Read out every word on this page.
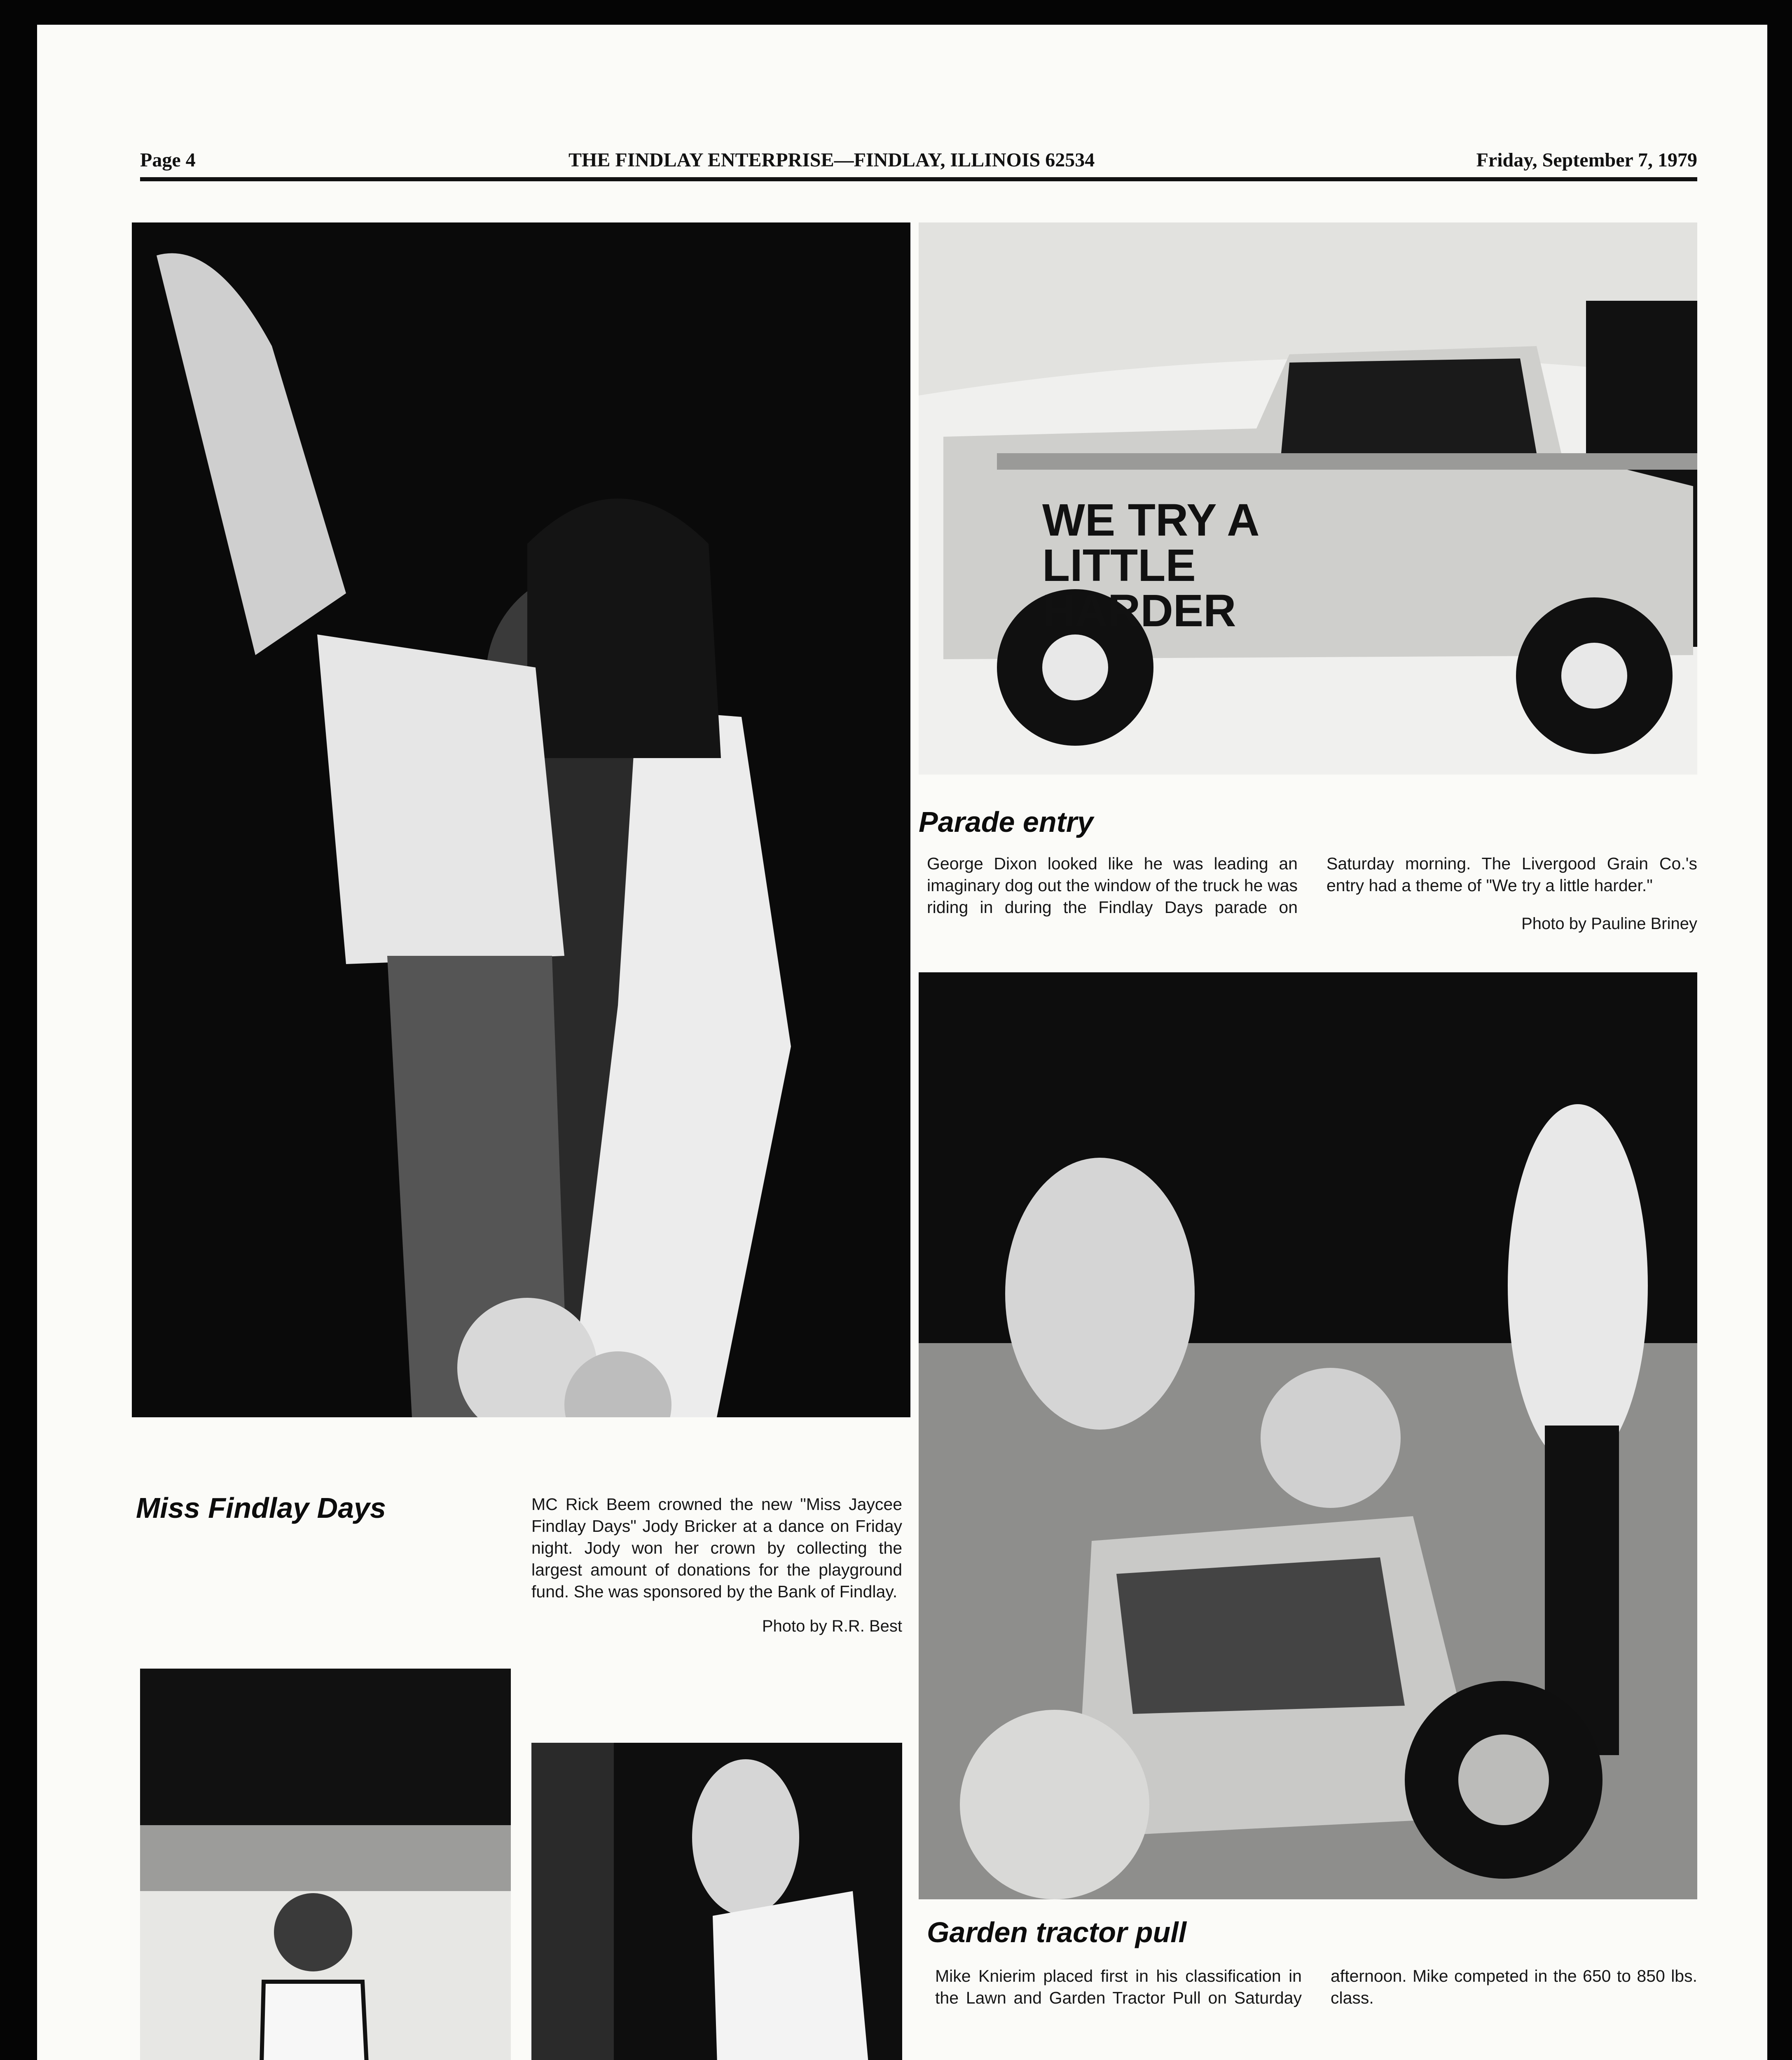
Page 4	THE FINDLAY ENTERPRISE—FINDLAY, ILLINOIS 62534	Friday, September 7, 1979
WE TRY A
LITTLE
HARDER
Parade entry
George Dixon looked like he was leading an imaginary dog out the window of the truck he was riding in during the Findlay Days parade on Saturday morning. The Livergood Grain Co.'s entry had a theme of "We try a little harder."
Photo by Pauline Briney
Garden tractor pull
Mike Knierim placed first in his classification in the Lawn and Garden Tractor Pull on Saturday afternoon. Mike competed in the 650 to 850 lbs. class.
Miss Findlay Days	MC Rick Beem crowned the new "Miss Jaycee Findlay Days" Jody Bricker at a dance on Friday night. Jody won her crown by collecting the largest amount of donations for the playground fund. She was sponsored by the Bank of Findlay.
Photo by R.R. Best
